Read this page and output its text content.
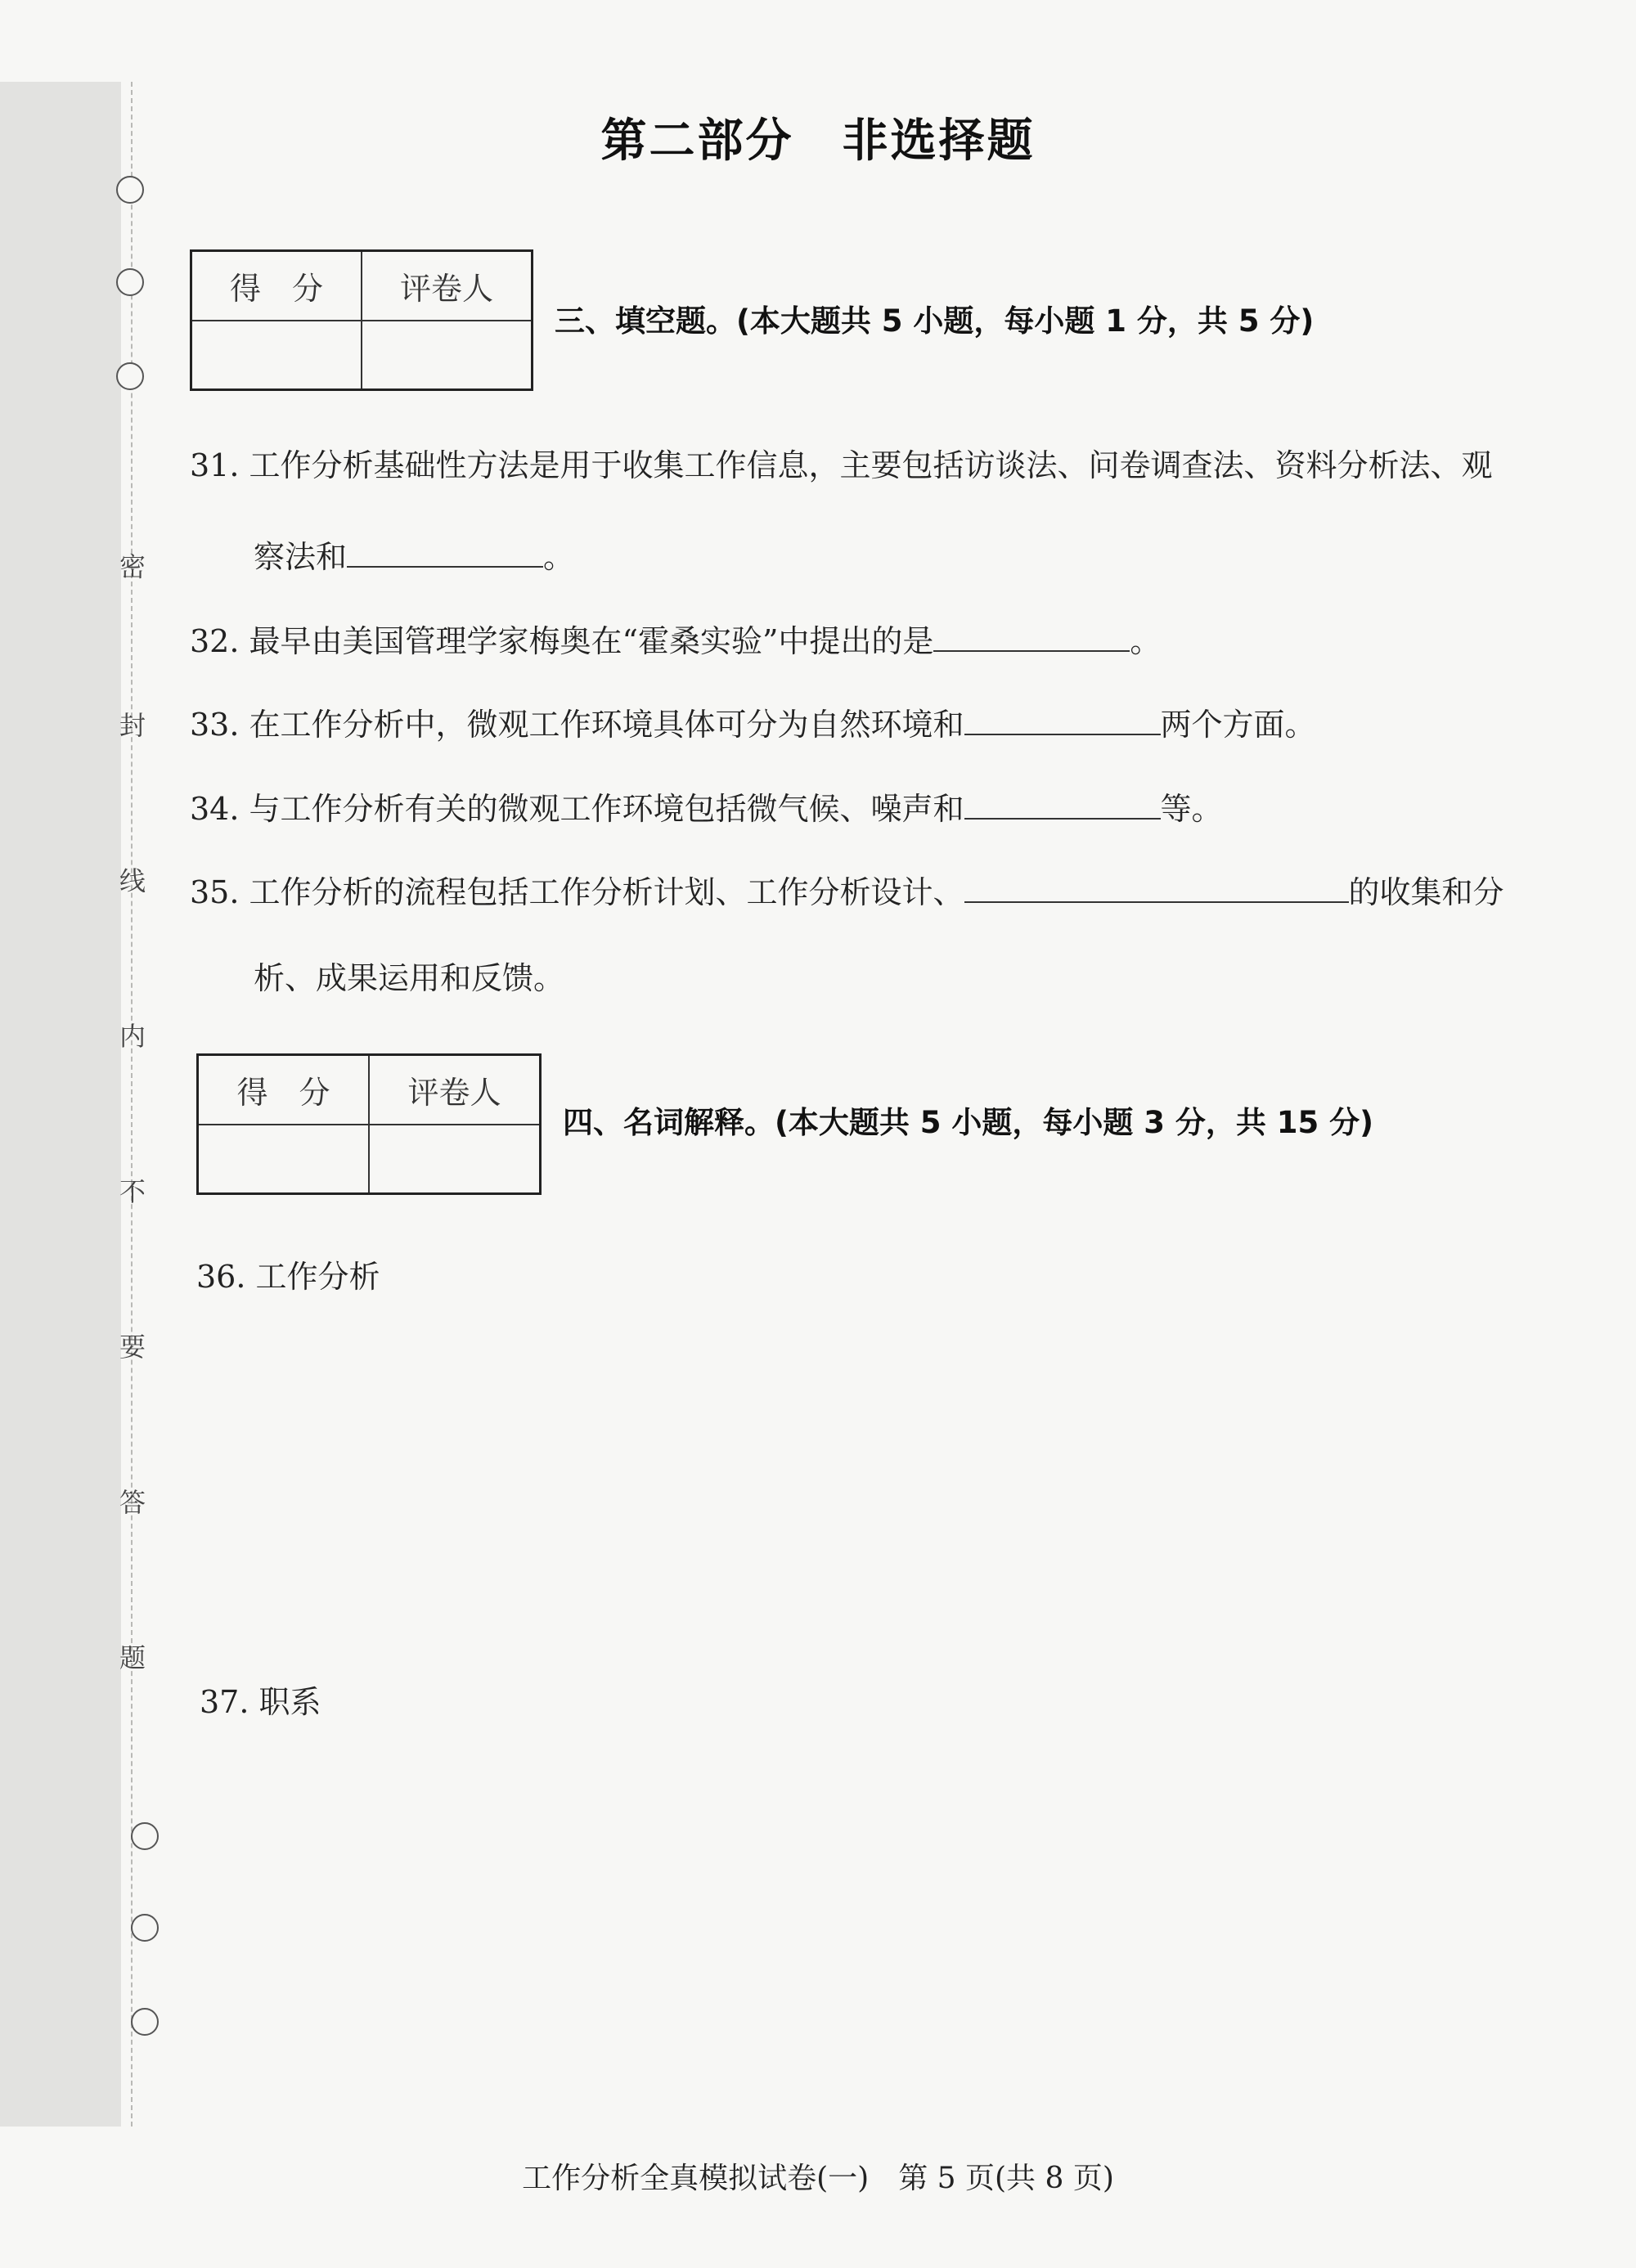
密
封
线
内
不
要
答
题
第二部分　非选择题
得　分	评卷人

三、填空题。(本大题共 5 小题，每小题 1 分，共 5 分)
31. 工作分析基础性方法是用于收集工作信息，主要包括访谈法、问卷调查法、资料分析法、观
察法和	。
32. 最早由美国管理学家梅奥在“霍桑实验”中提出的是	。
33. 在工作分析中，微观工作环境具体可分为自然环境和	两个方面。
34. 与工作分析有关的微观工作环境包括微气候、噪声和	等。
35. 工作分析的流程包括工作分析计划、工作分析设计、	的收集和分
析、成果运用和反馈。
得　分	评卷人

四、名词解释。(本大题共 5 小题，每小题 3 分，共 15 分)
36. 工作分析
37. 职系
工作分析全真模拟试卷(一)　第 5 页(共 8 页)
